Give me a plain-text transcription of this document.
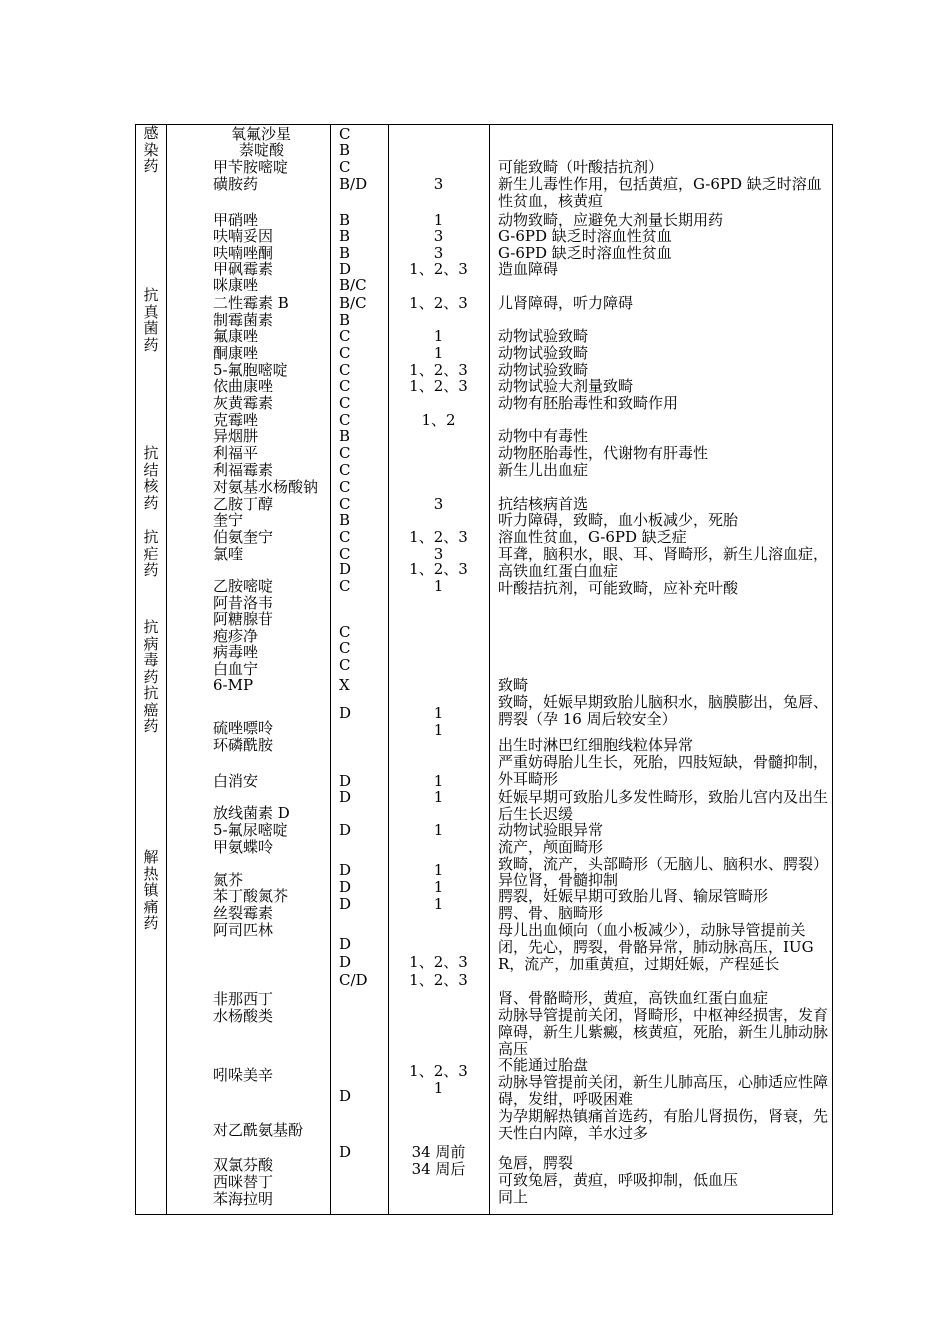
感染药
抗真菌药
抗结核药
抗疟药
抗病毒药
抗癌药
解热镇痛药
氧氟沙星
萘啶酸
甲苄胺嘧啶
磺胺药
甲硝唑
呋喃妥因
呋喃唑酮
甲砜霉素
咪康唑
二性霉素 B
制霉菌素
氟康唑
酮康唑
5-氟胞嘧啶
依曲康唑
灰黄霉素
克霉唑
异烟肼
利福平
利福霉素
对氨基水杨酸钠
乙胺丁醇
奎宁
伯氨奎宁
氯喹
乙胺嘧啶
阿昔洛韦
阿糖腺苷
疱疹净
病毒唑
白血宁
6-MP
硫唑嘌呤
环磷酰胺
白消安
放线菌素 D
5-氟尿嘧啶
甲氨蝶呤
氮芥
苯丁酸氮芥
丝裂霉素
阿司匹林
非那西丁
水杨酸类
吲哚美辛
对乙酰氨基酚
双氯芬酸
西咪替丁
苯海拉明
C
B
C
B/D
B
B
B
D
B/C
B/C
B
C
C
C
C
C
C
B
C
C
C
C
B
C
C
D
C
C
C
C
X
D
D
D
D
D
D
D
D
D
C/D
D
D
3
1
3
3
1、2、3
1、2、3
1
1
1、2、3
1、2、3
1、2
3
1、2、3
3
1、2、3
1
1
1
1
1
1
1
1
1
1、2、3
1、2、3
1、2、3
1
34 周前
34 周后
可能致畸（叶酸拮抗剂）
新生儿毒性作用，包括黄疸，G-6PD 缺乏时溶血性贫血，核黄疸
动物致畸，应避免大剂量长期用药
G-6PD 缺乏时溶血性贫血
G-6PD 缺乏时溶血性贫血
造血障碍
儿肾障碍，听力障碍
动物试验致畸
动物试验致畸
动物试验致畸
动物试验大剂量致畸
动物有胚胎毒性和致畸作用
动物中有毒性
动物胚胎毒性，代谢物有肝毒性
新生儿出血症
抗结核病首选
听力障碍，致畸，血小板减少，死胎
溶血性贫血，G-6PD 缺乏症
耳聋，脑积水，眼、耳、肾畸形，新生儿溶血症，高铁血红蛋白血症
叶酸拮抗剂，可能致畸，应补充叶酸
致畸
致畸，妊娠早期致胎儿脑积水，脑膜膨出，兔唇、腭裂（孕 16 周后较安全）
出生时淋巴红细胞线粒体异常
严重妨碍胎儿生长，死胎，四肢短缺，骨髓抑制，外耳畸形
妊娠早期可致胎儿多发性畸形，致胎儿宫内及出生后生长迟缓
动物试验眼异常
流产，颅面畸形
致畸，流产，头部畸形（无脑儿、脑积水、腭裂）
异位肾，骨髓抑制
腭裂，妊娠早期可致胎儿肾、输尿管畸形
腭、骨、脑畸形
母儿出血倾向（血小板减少），动脉导管提前关闭，先心，腭裂，骨骼异常，肺动脉高压，IUGR，流产，加重黄疸，过期妊娠，产程延长
肾、骨骼畸形，黄疸，高铁血红蛋白血症
动脉导管提前关闭，肾畸形，中枢神经损害，发育障碍，新生儿紫癜，核黄疸，死胎，新生儿肺动脉高压
不能通过胎盘
动脉导管提前关闭，新生儿肺高压，心肺适应性障碍，发绀，呼吸困难
为孕期解热镇痛首选药，有胎儿肾损伤，肾衰，先天性白内障，羊水过多
兔唇，腭裂
可致兔唇，黄疸，呼吸抑制，低血压
同上
